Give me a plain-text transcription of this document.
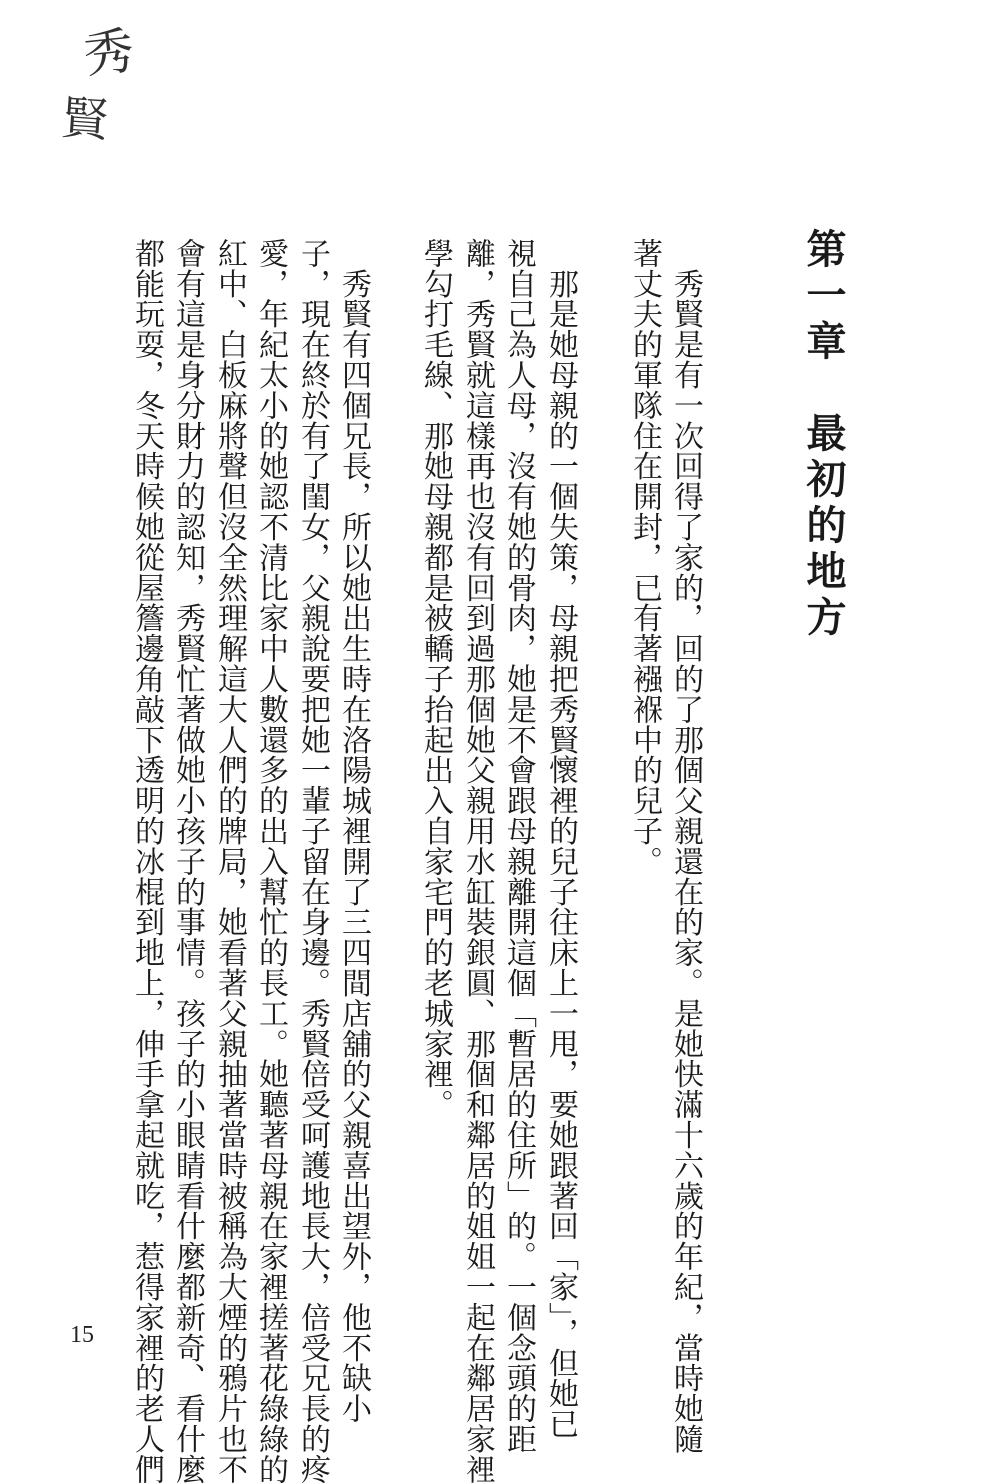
秀
賢
第一章　最初的地方
　秀賢是有一次回得了家的，回的了那個父親還在的家。是她快滿十六歲的年紀，當時她隨
著丈夫的軍隊住在開封，已有著襁褓中的兒子。
　那是她母親的一個失策，母親把秀賢懷裡的兒子往床上一甩，要她跟著回「家」，但她已
視自己為人母，沒有她的骨肉，她是不會跟母親離開這個「暫居的住所」的。一個念頭的距
離，秀賢就這樣再也沒有回到過那個她父親用水缸裝銀圓、那個和鄰居的姐姐一起在鄰居家裡
學勾打毛線、那她母親都是被轎子抬起出入自家宅門的老城家裡。
　秀賢有四個兄長，所以她出生時在洛陽城裡開了三四間店舖的父親喜出望外，他不缺小
子，現在終於有了閨女，父親說要把她一輩子留在身邊。秀賢倍受呵護地長大，倍受兄長的疼
愛，年紀太小的她認不清比家中人數還多的出入幫忙的長工。她聽著母親在家裡搓著花綠綠的
紅中、白板麻將聲但沒全然理解這大人們的牌局，她看著父親抽著當時被稱為大煙的鴉片也不
會有這是身分財力的認知，秀賢忙著做她小孩子的事情。孩子的小眼睛看什麼都新奇、看什麼
都能玩耍，冬天時候她從屋簷邊角敲下透明的冰棍到地上，伸手拿起就吃，惹得家裡的老人們
15
